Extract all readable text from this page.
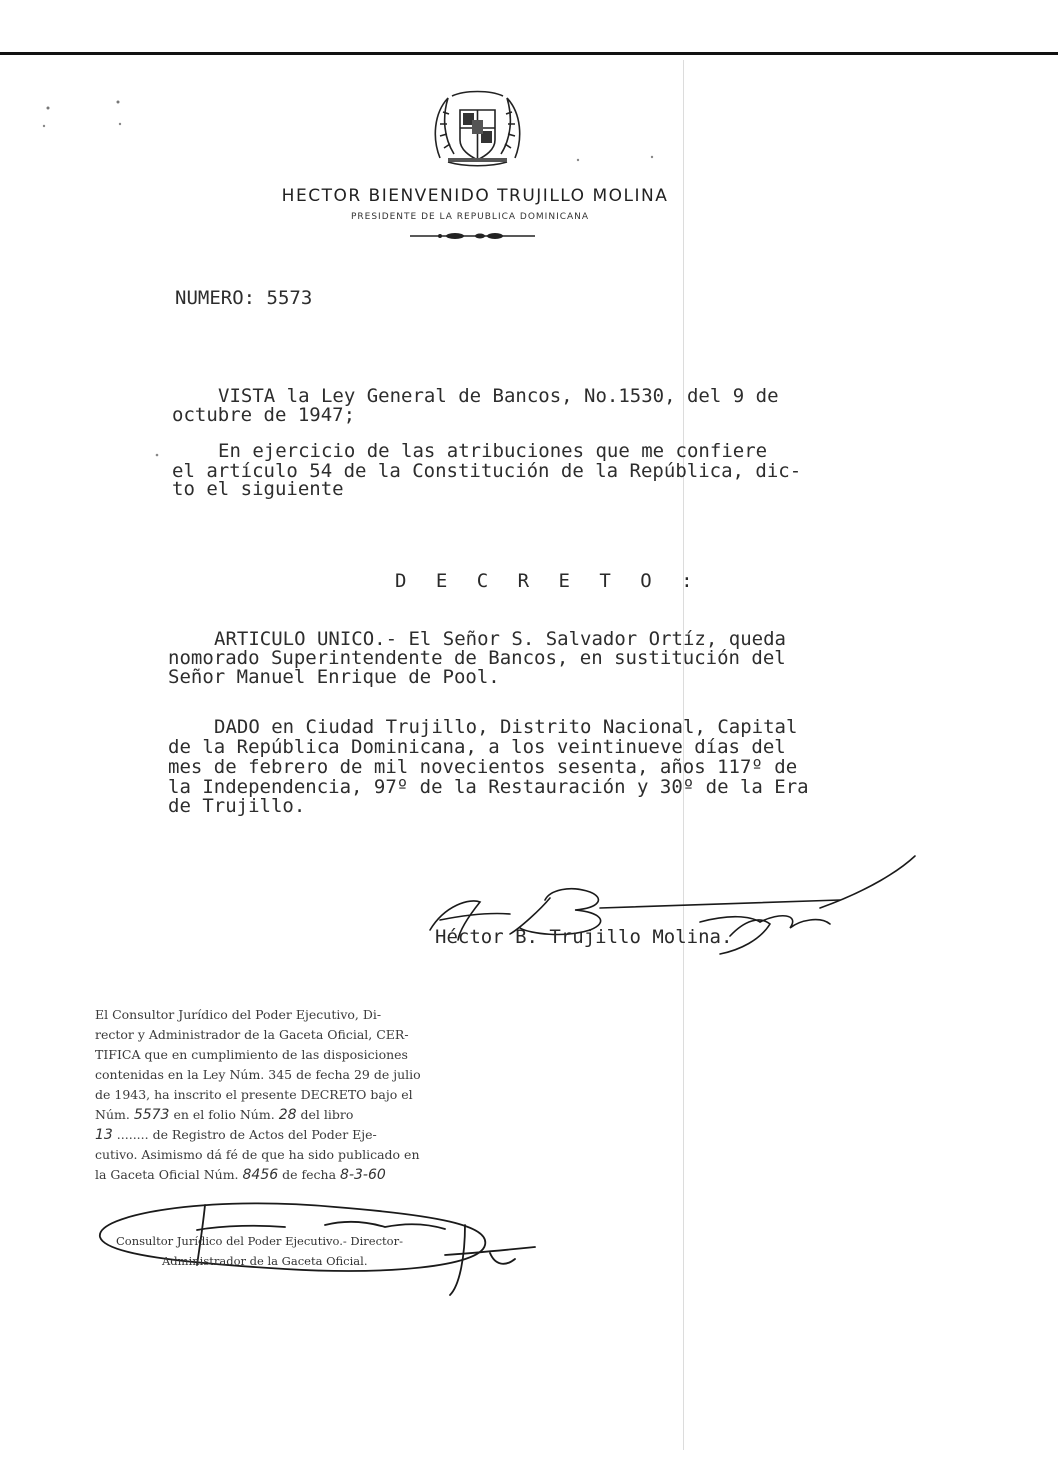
HECTOR BIENVENIDO TRUJILLO MOLINA
PRESIDENTE DE LA REPUBLICA DOMINICANA
NUMERO: 5573
VISTA la Ley General de Bancos, No.1530, del 9 de
octubre de 1947;
En ejercicio de las atribuciones que me confiere
el artículo 54 de la Constitución de la República, dic-
to el siguiente
D E C R E T O :
ARTICULO UNICO.- El Señor S. Salvador Ortíz, queda
nomorado Superintendente de Bancos, en sustitución del
Señor Manuel Enrique de Pool.
DADO en Ciudad Trujillo, Distrito Nacional, Capital
de la República Dominicana, a los veintinueve días del
mes de febrero de mil novecientos sesenta, años 117º de
la Independencia, 97º de la Restauración y 30º de la Era
de Trujillo.
Héctor B. Trujillo Molina.
El Consultor Jurídico del Poder Ejecutivo, Di-
rector y Administrador de la Gaceta Oficial, CER-
TIFICA que en cumplimiento de las disposiciones
contenidas en la Ley Núm. 345 de fecha 29 de julio
de 1943, ha inscrito el presente DECRETO bajo el
Núm. 5573 en el folio Núm. 28 del libro
13 ........ de Registro de Actos del Poder Eje-
cutivo. Asimismo dá fé de que ha sido publicado en
la Gaceta Oficial Núm. 8456 de fecha 8-3-60
Consultor Jurídico del Poder Ejecutivo.- Director-
Administrador de la Gaceta Oficial.
